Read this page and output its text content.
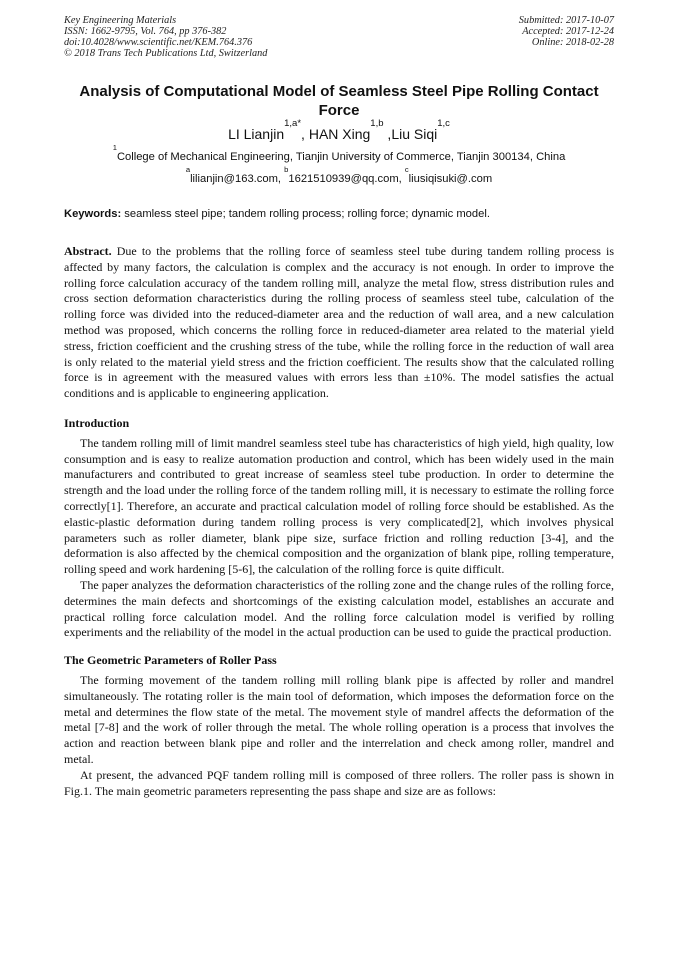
Key Engineering Materials
ISSN: 1662-9795, Vol. 764, pp 376-382
doi:10.4028/www.scientific.net/KEM.764.376
© 2018 Trans Tech Publications Ltd, Switzerland
Submitted: 2017-10-07
Accepted: 2017-12-24
Online: 2018-02-28
Analysis of Computational Model of Seamless Steel Pipe Rolling Contact Force
LI Lianjin$^{1,a*}$, HAN Xing$^{1,b}$ ,Liu Siqi$^{1,c}$
$^1$College of Mechanical Engineering, Tianjin University of Commerce, Tianjin 300134, China
$^a$lilianjin@163.com, $^b$1621510939@qq.com, $^c$liusiqisuki@.com
Keywords: seamless steel pipe; tandem rolling process; rolling force; dynamic model.

Abstract. Due to the problems that the rolling force of seamless steel tube during tandem rolling process is affected by many factors, the calculation is complex and the accuracy is not enough. In order to improve the rolling force calculation accuracy of the tandem rolling mill, analyze the metal flow, stress distribution rules and cross section deformation characteristics during the rolling process of seamless steel tube, calculation of the rolling force was divided into the reduced-diameter area and the reduction of wall area, and a new calculation method was proposed, which concerns the rolling force in reduced-diameter area related to the material yield stress, friction coefficient and the crushing stress of the tube, while the rolling force in the reduction of wall area is only related to the material yield stress and the friction coefficient. The results show that the calculated rolling force is in agreement with the measured values with errors less than ±10%. The model satisfies the actual conditions and is applicable to engineering application.

Introduction

The tandem rolling mill of limit mandrel seamless steel tube has characteristics of high yield, high quality, low consumption and is easy to realize automation production and control, which has been widely used in the main manufacturers and contributed to great increase of seamless steel tube production. In order to determine the strength and the load under the rolling force of the tandem rolling mill, it is necessary to estimate the rolling force correctly[1]. Therefore, an accurate and practical calculation model of rolling force should be established. As the elastic-plastic deformation during tandem rolling process is very complicated[2], which involves physical parameters such as roller diameter, blank pipe size, surface friction and rolling reduction [3-4], and the deformation is also affected by the chemical composition and the organization of blank pipe, rolling temperature, rolling speed and work hardening [5-6], the calculation of the rolling force is quite difficult.

The paper analyzes the deformation characteristics of the rolling zone and the change rules of the rolling force, determines the main defects and shortcomings of the existing calculation model, establishes an accurate and practical rolling force calculation model. And the rolling force calculation model is verified by rolling experiments and the reliability of the model in the actual production can be used to guide the practical production.

The Geometric Parameters of Roller Pass

The forming movement of the tandem rolling mill rolling blank pipe is affected by roller and mandrel simultaneously. The rotating roller is the main tool of deformation, which imposes the deformation force on the metal and determines the flow state of the metal. The movement style of mandrel affects the deformation of the metal [7-8] and the work of roller through the metal. The whole rolling operation is a process that involves the action and reaction between blank pipe and roller and the interrelation and check among roller, mandrel and metal.

At present, the advanced PQF tandem rolling mill is composed of three rollers. The roller pass is shown in Fig.1. The main geometric parameters representing the pass shape and size are as follows:
